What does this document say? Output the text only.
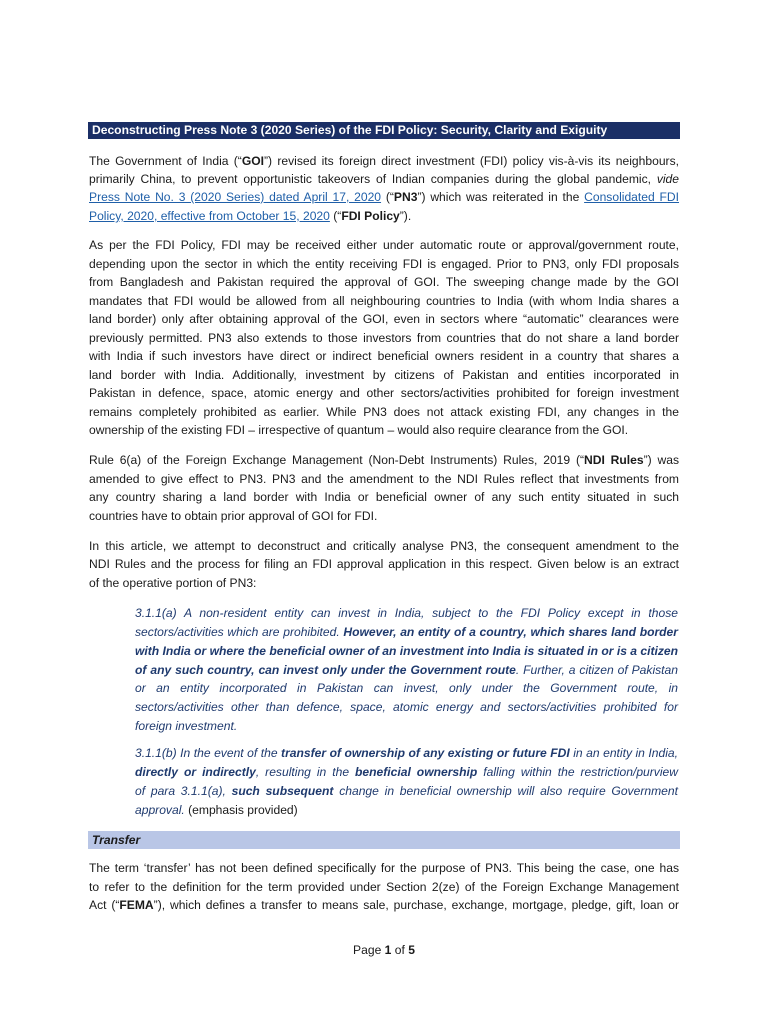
Deconstructing Press Note 3 (2020 Series) of the FDI Policy: Security, Clarity and Exiguity
The Government of India (“GOI”) revised its foreign direct investment (FDI) policy vis-à-vis its neighbours,
primarily China, to prevent opportunistic takeovers of Indian companies during the global pandemic, vide
Press Note No. 3 (2020 Series) dated April 17, 2020 (“PN3”) which was reiterated in the Consolidated FDI
Policy, 2020, effective from October 15, 2020 (“FDI Policy”).
As per the FDI Policy, FDI may be received either under automatic route or approval/government route,
depending upon the sector in which the entity receiving FDI is engaged. Prior to PN3, only FDI proposals
from Bangladesh and Pakistan required the approval of GOI. The sweeping change made by the GOI
mandates that FDI would be allowed from all neighbouring countries to India (with whom India shares a
land border) only after obtaining approval of the GOI, even in sectors where “automatic” clearances were
previously permitted. PN3 also extends to those investors from countries that do not share a land border
with India if such investors have direct or indirect beneficial owners resident in a country that shares a
land border with India. Additionally, investment by citizens of Pakistan and entities incorporated in
Pakistan in defence, space, atomic energy and other sectors/activities prohibited for foreign investment
remains completely prohibited as earlier. While PN3 does not attack existing FDI, any changes in the
ownership of the existing FDI – irrespective of quantum – would also require clearance from the GOI.
Rule 6(a) of the Foreign Exchange Management (Non-Debt Instruments) Rules, 2019 (“NDI Rules”) was
amended to give effect to PN3. PN3 and the amendment to the NDI Rules reflect that investments from
any country sharing a land border with India or beneficial owner of any such entity situated in such
countries have to obtain prior approval of GOI for FDI.
In this article, we attempt to deconstruct and critically analyse PN3, the consequent amendment to the
NDI Rules and the process for filing an FDI approval application in this respect. Given below is an extract
of the operative portion of PN3:
3.1.1(a) A non-resident entity can invest in India, subject to the FDI Policy except in those
sectors/activities which are prohibited. However, an entity of a country, which shares land border
with India or where the beneficial owner of an investment into India is situated in or is a citizen
of any such country, can invest only under the Government route. Further, a citizen of Pakistan
or an entity incorporated in Pakistan can invest, only under the Government route, in
sectors/activities other than defence, space, atomic energy and sectors/activities prohibited for
foreign investment.
3.1.1(b) In the event of the transfer of ownership of any existing or future FDI in an entity in India,
directly or indirectly, resulting in the beneficial ownership falling within the restriction/purview
of para 3.1.1(a), such subsequent change in beneficial ownership will also require Government
approval. (emphasis provided)
The term ‘transfer’ has not been defined specifically for the purpose of PN3. This being the case, one has
to refer to the definition for the term provided under Section 2(ze) of the Foreign Exchange Management
Act (“FEMA”), which defines a transfer to means sale, purchase, exchange, mortgage, pledge, gift, loan or
Transfer
Page 1 of 5
